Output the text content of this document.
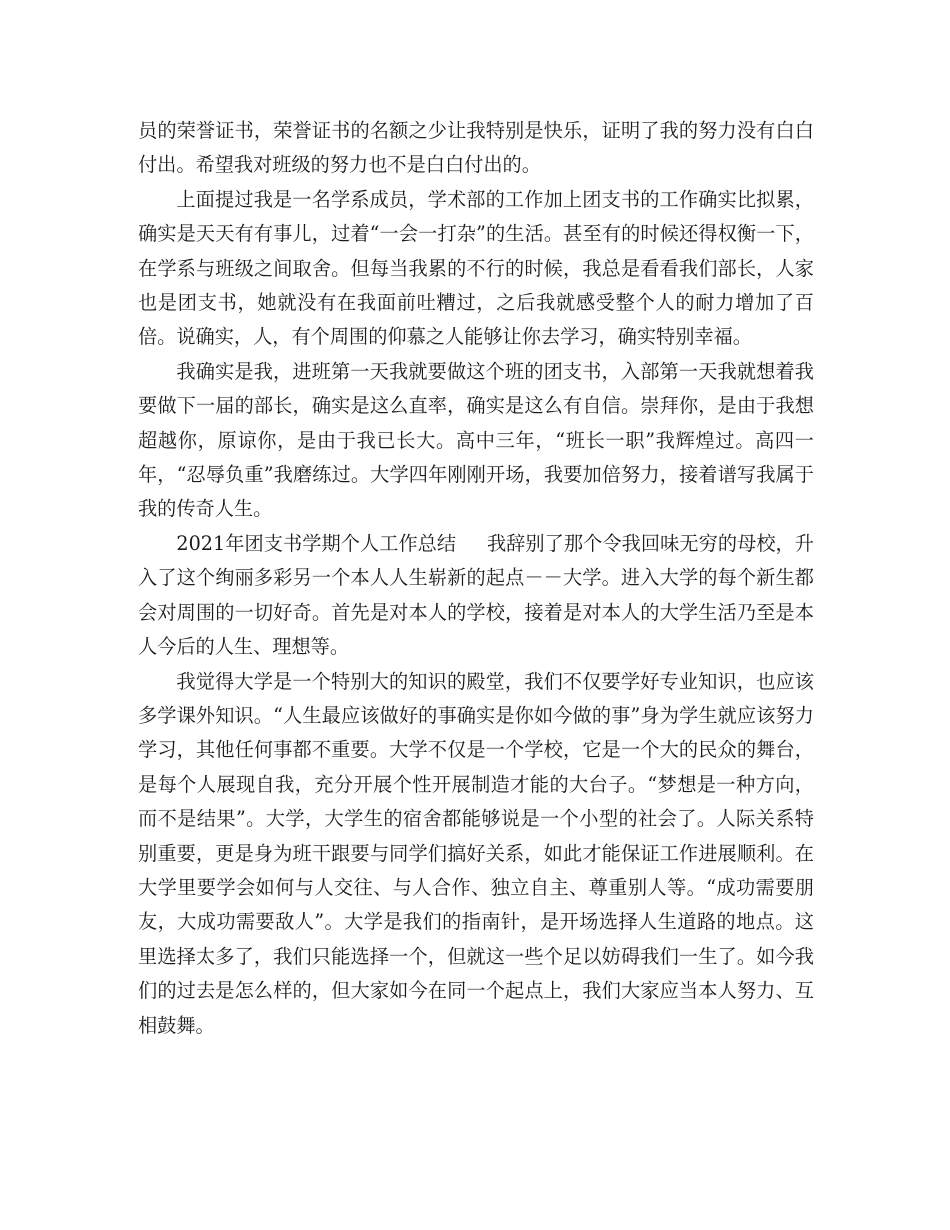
员的荣誉证书，荣誉证书的名额之少让我特别是快乐，证明了我的努力没有白白付出。希望我对班级的努力也不是白白付出的。

上面提过我是一名学系成员，学术部的工作加上团支书的工作确实比拟累，确实是天天有有事儿，过着“一会一打杂”的生活。甚至有的时候还得权衡一下，在学系与班级之间取舍。但每当我累的不行的时候，我总是看看我们部长，人家也是团支书，她就没有在我面前吐糟过，之后我就感受整个人的耐力增加了百倍。说确实，人，有个周围的仰慕之人能够让你去学习，确实特别幸福。

我确实是我，进班第一天我就要做这个班的团支书，入部第一天我就想着我要做下一届的部长，确实是这么直率，确实是这么有自信。崇拜你，是由于我想超越你，原谅你，是由于我已长大。高中三年，“班长一职”我辉煌过。高四一年，“忍辱负重”我磨练过。大学四年刚刚开场，我要加倍努力，接着谱写我属于我的传奇人生。

2021年团支书学期个人工作总结 我辞别了那个令我回味无穷的母校，升入了这个绚丽多彩另一个本人人生崭新的起点－－大学。进入大学的每个新生都会对周围的一切好奇。首先是对本人的学校，接着是对本人的大学生活乃至是本人今后的人生、理想等。

我觉得大学是一个特别大的知识的殿堂，我们不仅要学好专业知识，也应该多学课外知识。“人生最应该做好的事确实是你如今做的事”身为学生就应该努力学习，其他任何事都不重要。大学不仅是一个学校，它是一个大的民众的舞台，是每个人展现自我，充分开展个性开展制造才能的大台子。“梦想是一种方向，而不是结果”。大学，大学生的宿舍都能够说是一个小型的社会了。人际关系特别重要，更是身为班干跟要与同学们搞好关系，如此才能保证工作进展顺利。在大学里要学会如何与人交往、与人合作、独立自主、尊重别人等。“成功需要朋友，大成功需要敌人”。大学是我们的指南针，是开场选择人生道路的地点。这里选择太多了，我们只能选择一个，但就这一些个足以妨碍我们一生了。如今我们的过去是怎么样的，但大家如今在同一个起点上，我们大家应当本人努力、互相鼓舞。
